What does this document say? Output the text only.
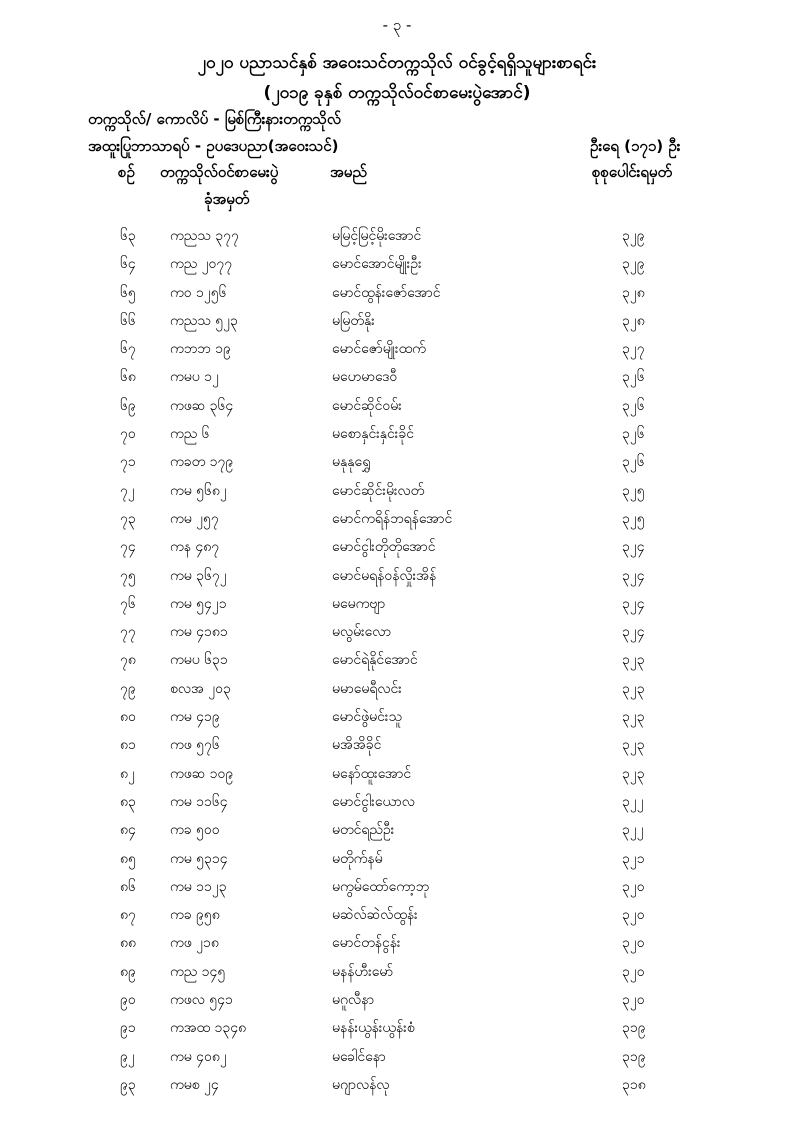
- ၃ -
၂၀၂၀ ပညာသင်နှစ် အဝေးသင်တက္ကသိုလ် ဝင်ခွင့်ရရှိသူများစာရင်း
(၂၀၁၉ ခုနှစ် တက္ကသိုလ်ဝင်စာမေးပွဲအောင်)
တက္ကသိုလ်/ ကောလိပ် - မြစ်ကြီးနားတက္ကသိုလ်
အထူးပြုဘာသာရပ် - ဥပဒေပညာ(အဝေးသင်)	ဦးရေ (၁၇၁) ဦး
စဉ် တက္ကသိုလ်ဝင်စာမေးပွဲ
ခုံအမှတ်
အမည်	စုစုပေါင်းရမှတ်
၆၃ ကညသ ၃၇၇	မမြင့်မြင့်မိုးအောင်	၃၂၉
၆၄ ကည ၂၀၇၇	မောင်အောင်မျိုးဦး	၃၂၉
၆၅ ကဝ ၁၂၅၆	မောင်ထွန်းဇော်အောင်	၃၂၈
၆၆ ကညသ ၅၂၃	မမြတ်နိုး	၃၂၈
၆၇ ကဘဘ ၁၉	မောင်ဇော်မျိုးထက်	၃၂၇
၆၈ ကမပ ၁၂	မဟေမာဒေဝီ	၃၂၆
၆၉ ကဖဆ ၃၆၄	မောင်ဆိုင်ဝမ်း	၃၂၆
၇၀ ကည ၆	မစောနှင်းနှင်းခိုင်	၃၂၆
၇၁ ကခတ ၁၇၉	မနုနုရွှေ	၃၂၆
၇၂	ကမ ၅၆၈၂	မောင်ဆိုင်းမိုးလတ်	၃၂၅
၇၃ ကမ ၂၅၇	မောင်ကရိန်ဘရန်အောင်	၃၂၅
၇၄ ကန ၄၈၇	မောင်ငွါးတိုတိုအောင်	၃၂၄
၇၅ ကမ ၃၆၇၂	မောင်မရန်ဝန်လှိုးအိန်	၃၂၄
၇၆ ကမ ၅၄၂၁	မမေကဗျာ	၃၂၄
၇၇ ကမ ၄၁၈၁	မလွမ်းလော	၃၂၄
၇၈ ကမပ ၆၃၁	မောင်ရဲနိုင်အောင်	၃၂၃
၇၉ စလအ ၂၀၃	မမာမေရီလင်း	၃၂၃
၈၀ ကမ ၄၁၉	မောင်ဖွဲမင်းသူ	၃၂၃
၈၁ ကဖ ၅၇၆	မအိအိခိုင်	၃၂၃
၈၂	ကဖဆ ၁၀၉	မနော်ထူးအောင်	၃၂၃
၈၃ ကမ ၁၁၆၄	မောင်ငွါးယောလ	၃၂၂
၈၄ ကခ ၅၀၀	မတင်ရည်ဦး	၃၂၂
၈၅ ကမ ၅၃၁၄	မတိုက်နမ်	၃၂၁
၈၆ ကမ ၁၁၂၃	မကွမ်ထော်ကော့ဘု	၃၂၀
၈၇ ကခ ၉၅၈	မဆဲလ်ဆဲလ်ထွန်း	၃၂၀
၈၈ ကဖ ၂၁၈	မောင်တန်ငွန်း	၃၂၀
၈၉ ကည ၁၄၅	မနန်ဟီးမော်	၃၂၀
၉၀ ကဖလ ၅၄၁	မဂူလီနာ	၃၂၀
၉၁ ကအထ ၁၃၄၈	မနန်းယွန်းယွန်းစံ	၃၁၉
၉၂	ကမ ၄၀၈၂	မခေါင်နော	၃၁၉
၉၃ ကမစ ၂၄	မဂျာလန်လု	၃၁၈
